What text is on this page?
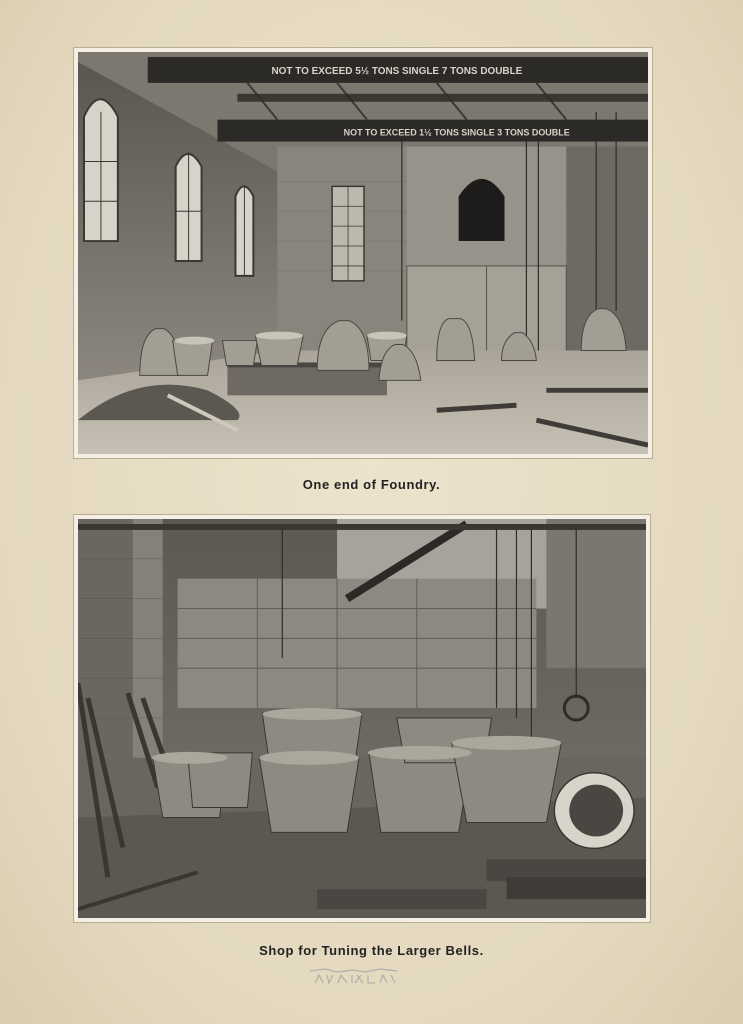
NOT TO EXCEED 5½ TONS SINGLE 7 TONS DOUBLE
NOT TO EXCEED 1½ TONS SINGLE 3 TONS DOUBLE
One end of Foundry.
Shop for Tuning the Larger Bells.
